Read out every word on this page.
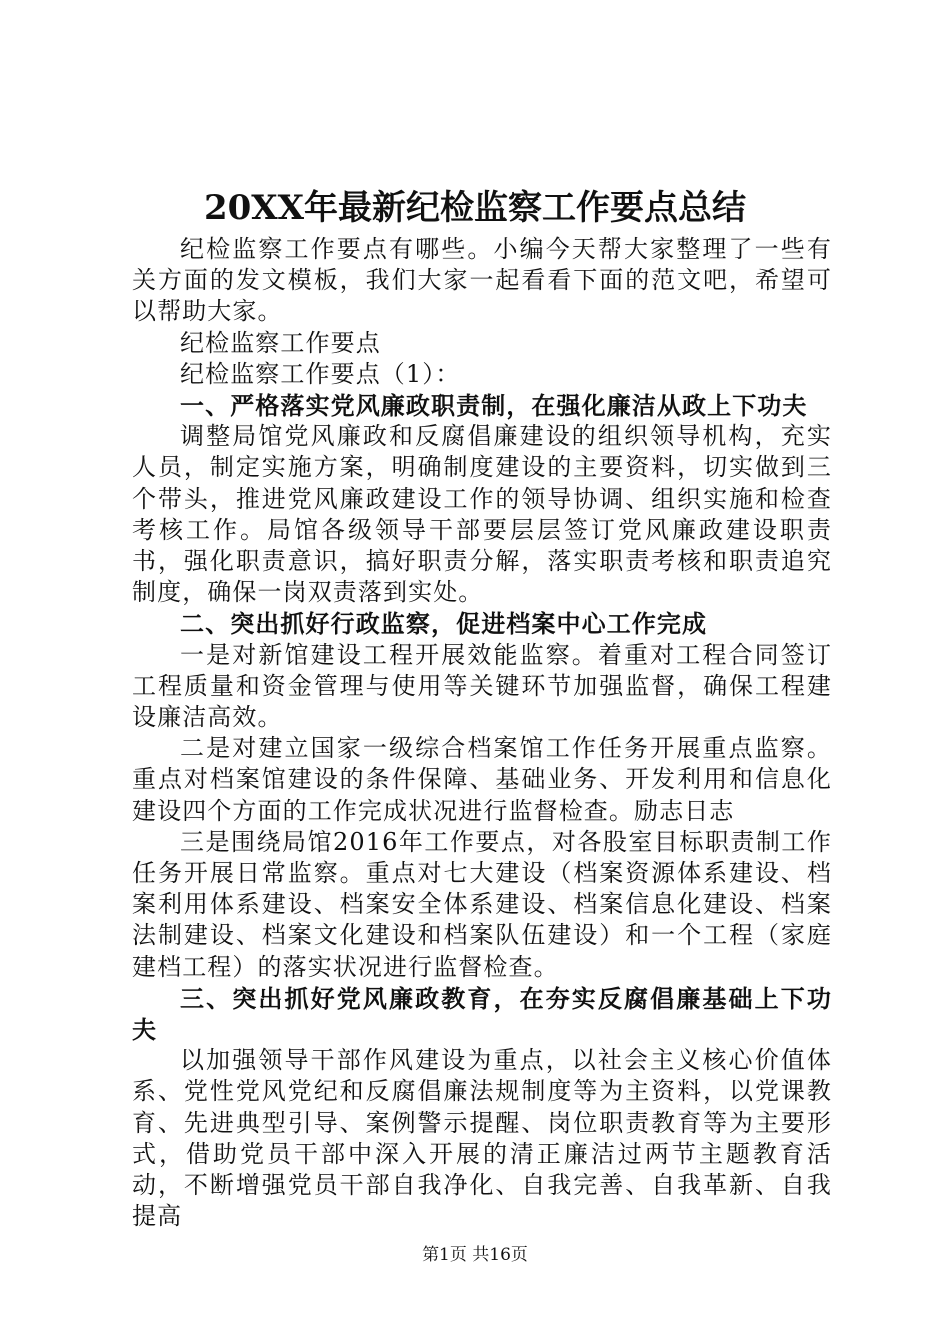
20XX年最新纪检监察工作要点总结

纪检监察工作要点有哪些。小编今天帮大家整理了一些有关方面的发文模板，我们大家一起看看下面的范文吧，希望可以帮助大家。

纪检监察工作要点

纪检监察工作要点（1）：

一、严格落实党风廉政职责制，在强化廉洁从政上下功夫

调整局馆党风廉政和反腐倡廉建设的组织领导机构，充实人员，制定实施方案，明确制度建设的主要资料，切实做到三个带头，推进党风廉政建设工作的领导协调、组织实施和检查考核工作。局馆各级领导干部要层层签订党风廉政建设职责书，强化职责意识，搞好职责分解，落实职责考核和职责追究制度，确保一岗双责落到实处。

二、突出抓好行政监察，促进档案中心工作完成

一是对新馆建设工程开展效能监察。着重对工程合同签订工程质量和资金管理与使用等关键环节加强监督，确保工程建设廉洁高效。

二是对建立国家一级综合档案馆工作任务开展重点监察。重点对档案馆建设的条件保障、基础业务、开发利用和信息化建设四个方面的工作完成状况进行监督检查。励志日志

三是围绕局馆2016年工作要点，对各股室目标职责制工作任务开展日常监察。重点对七大建设（档案资源体系建设、档案利用体系建设、档案安全体系建设、档案信息化建设、档案法制建设、档案文化建设和档案队伍建设）和一个工程（家庭建档工程）的落实状况进行监督检查。

三、突出抓好党风廉政教育，在夯实反腐倡廉基础上下功夫

以加强领导干部作风建设为重点，以社会主义核心价值体系、党性党风党纪和反腐倡廉法规制度等为主资料，以党课教育、先进典型引导、案例警示提醒、岗位职责教育等为主要形式，借助党员干部中深入开展的清正廉洁过两节主题教育活动，不断增强党员干部自我净化、自我完善、自我革新、自我提高

第1页 共16页
